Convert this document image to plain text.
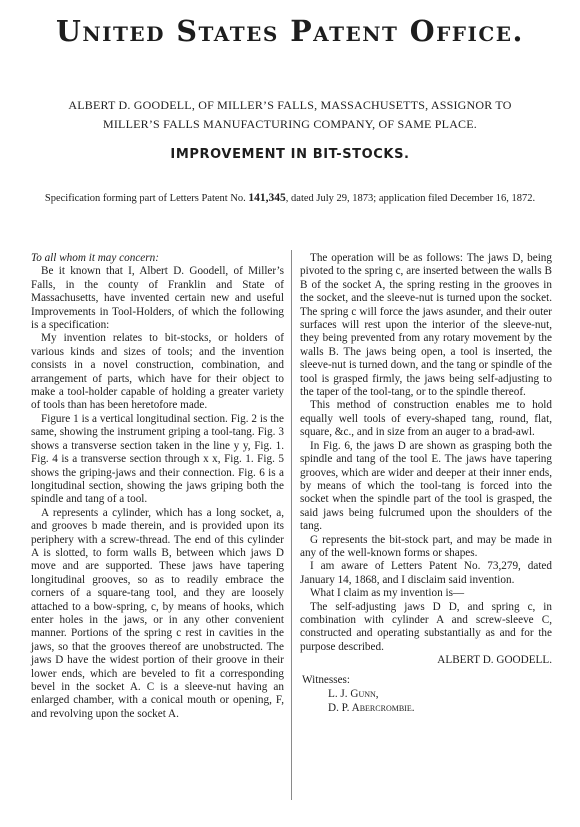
United States Patent Office.
ALBERT D. GOODELL, OF MILLER’S FALLS, MASSACHUSETTS, ASSIGNOR TO
MILLER’S FALLS MANUFACTURING COMPANY, OF SAME PLACE.
IMPROVEMENT IN BIT-STOCKS.
Specification forming part of Letters Patent No. 141,345, dated July 29, 1873; application filed December 16, 1872.

To all whom it may concern:

Be it known that I, Albert D. Goodell, of Miller’s Falls, in the county of Franklin and State of Massachusetts, have invented certain new and useful Improvements in Tool-Holders, of which the following is a specification:

My invention relates to bit-stocks, or holders of various kinds and sizes of tools; and the invention consists in a novel construction, combination, and arrangement of parts, which have for their object to make a tool-holder capable of holding a greater variety of tools than has been heretofore made.

Figure 1 is a vertical longitudinal section. Fig. 2 is the same, showing the instrument griping a tool-tang. Fig. 3 shows a transverse section taken in the line y y, Fig. 1. Fig. 4 is a transverse section through x x, Fig. 1. Fig. 5 shows the griping-jaws and their connection. Fig. 6 is a longitudinal section, showing the jaws griping both the spindle and tang of a tool.

A represents a cylinder, which has a long socket, a, and grooves b made therein, and is provided upon its periphery with a screw-thread. The end of this cylinder A is slotted, to form walls B, between which jaws D move and are supported. These jaws have tapering longitudinal grooves, so as to readily embrace the corners of a square-tang tool, and they are loosely attached to a bow-spring, c, by means of hooks, which enter holes in the jaws, or in any other convenient manner. Portions of the spring c rest in cavities in the jaws, so that the grooves thereof are unobstructed. The jaws D have the widest portion of their groove in their lower ends, which are beveled to fit a corresponding bevel in the socket A. C is a sleeve-nut having an enlarged chamber, with a conical mouth or opening, F, and revolving upon the socket A.

The operation will be as follows: The jaws D, being pivoted to the spring c, are inserted between the walls B B of the socket A, the spring resting in the grooves in the socket, and the sleeve-nut is turned upon the socket. The spring c will force the jaws asunder, and their outer surfaces will rest upon the interior of the sleeve-nut, they being prevented from any rotary movement by the walls B. The jaws being open, a tool is inserted, the sleeve-nut is turned down, and the tang or spindle of the tool is grasped firmly, the jaws being self-adjusting to the taper of the tool-tang, or to the spindle thereof.

This method of construction enables me to hold equally well tools of every-shaped tang, round, flat, square, &c., and in size from an auger to a brad-awl.

In Fig. 6, the jaws D are shown as grasping both the spindle and tang of the tool E. The jaws have tapering grooves, which are wider and deeper at their inner ends, by means of which the tool-tang is forced into the socket when the spindle part of the tool is grasped, the said jaws being fulcrumed upon the shoulders of the tang.

G represents the bit-stock part, and may be made in any of the well-known forms or shapes.

I am aware of Letters Patent No. 73,279, dated January 14, 1868, and I disclaim said invention.

What I claim as my invention is—

The self-adjusting jaws D D, and spring c, in combination with cylinder A and screw-sleeve C, constructed and operating substantially as and for the purpose described.

ALBERT D. GOODELL.

Witnesses:
L. J. Gunn,
D. P. Abercrombie.
